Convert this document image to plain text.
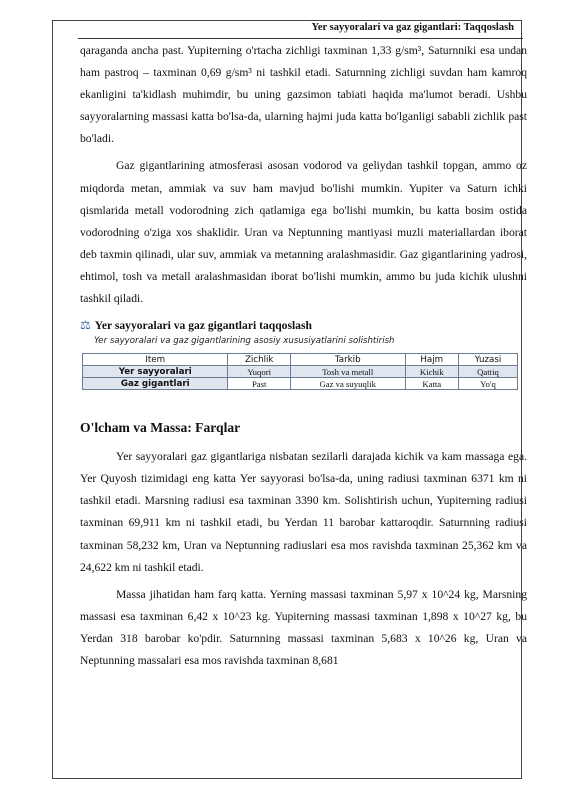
Yer sayyoralari va gaz gigantlari: Taqqoslash

qaraganda ancha past. Yupiterning o'rtacha zichligi taxminan 1,33 g/sm³, Saturnniki esa undan ham pastroq – taxminan 0,69 g/sm³ ni tashkil etadi. Saturnning zichligi suvdan ham kamroq ekanligini ta'kidlash muhimdir, bu uning gazsimon tabiati haqida ma'lumot beradi. Ushbu sayyoralarning massasi katta bo'lsa-da, ularning hajmi juda katta bo'lganligi sababli zichlik past bo'ladi.

Gaz gigantlarining atmosferasi asosan vodorod va geliydan tashkil topgan, ammo oz miqdorda metan, ammiak va suv ham mavjud bo'lishi mumkin. Yupiter va Saturn ichki qismlarida metall vodorodning zich qatlamiga ega bo'lishi mumkin, bu katta bosim ostida vodorodning o'ziga xos shaklidir. Uran va Neptunning mantiyasi muzli materiallardan iborat deb taxmin qilinadi, ular suv, ammiak va metanning aralashmasidir. Gaz gigantlarining yadrosi, ehtimol, tosh va metall aralashmasidan iborat bo'lishi mumkin, ammo bu juda kichik ulushni tashkil qiladi.

⚖ Yer sayyoralari va gaz gigantlari taqqoslash
Yer sayyoralari va gaz gigantlarining asosiy xususiyatlarini solishtirish
Item	Zichlik	Tarkib	Hajm	Yuzasi
Yer sayyoralari	Yuqori	Tosh va metall	Kichik	Qattiq
Gaz gigantlari	Past	Gaz va suyuqlik	Katta	Yo'q
O'lcham va Massa: Farqlar

Yer sayyoralari gaz gigantlariga nisbatan sezilarli darajada kichik va kam massaga ega. Yer Quyosh tizimidagi eng katta Yer sayyorasi bo'lsa-da, uning radiusi taxminan 6371 km ni tashkil etadi. Marsning radiusi esa taxminan 3390 km. Solishtirish uchun, Yupiterning radiusi taxminan 69,911 km ni tashkil etadi, bu Yerdan 11 barobar kattaroqdir. Saturnning radiusi taxminan 58,232 km, Uran va Neptunning radiuslari esa mos ravishda taxminan 25,362 km va 24,622 km ni tashkil etadi.

Massa jihatidan ham farq katta. Yerning massasi taxminan 5,97 x 10^24 kg, Marsning massasi esa taxminan 6,42 x 10^23 kg. Yupiterning massasi taxminan 1,898 x 10^27 kg, bu Yerdan 318 barobar ko'pdir. Saturnning massasi taxminan 5,683 x 10^26 kg, Uran va Neptunning massalari esa mos ravishda taxminan 8,681
